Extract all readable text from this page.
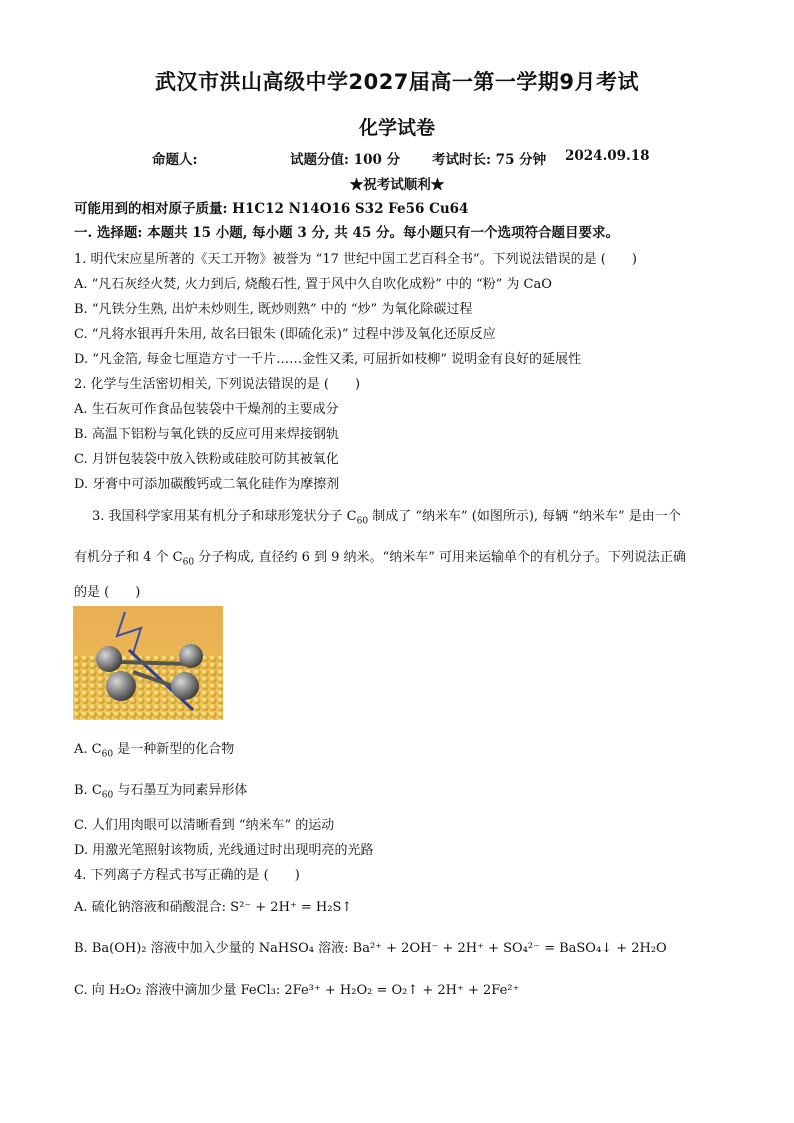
武汉市洪山高级中学2027届高一第一学期9月考试
化学试卷
命题人:	试题分值: 100 分 考试时长: 75 分钟 2024.09.18
★祝考试顺利★
可能用到的相对原子质量: H1C12 N14O16 S32 Fe56 Cu64
一. 选择题: 本题共 15 小题, 每小题 3 分, 共 45 分。每小题只有一个选项符合题目要求。
1. 明代宋应星所著的《天工开物》被誉为 “17 世纪中国工艺百科全书”。下列说法错误的是 (　　)
A. “凡石灰经火焚, 火力到后, 烧酸石性, 置于风中久自吹化成粉” 中的 “粉” 为 CaO
B. “凡铁分生熟, 出炉未炒则生, 既炒则熟” 中的 “炒” 为氧化除碳过程
C. “凡将水银再升朱用, 故名曰银朱 (即硫化汞)” 过程中涉及氧化还原反应
D. “凡金箔, 每金七厘造方寸一千片……金性又柔, 可屈折如枝柳” 说明金有良好的延展性
2. 化学与生活密切相关, 下列说法错误的是 (　　)
A. 生石灰可作食品包装袋中干燥剂的主要成分
B. 高温下铝粉与氧化铁的反应可用来焊接钢轨
C. 月饼包装袋中放入铁粉或硅胶可防其被氧化
D. 牙膏中可添加碳酸钙或二氧化硅作为摩擦剂
3. 我国科学家用某有机分子和球形笼状分子 $C_{60}$ 制成了 “纳米车” (如图所示), 每辆 “纳米车” 是由一个
有机分子和 4 个 $C_{60}$ 分子构成, 直径约 6 到 9 纳米。“纳米车” 可用来运输单个的有机分子。下列说法正确
的是 (　　)
A. $C_{60}$ 是一种新型的化合物
B. $C_{60}$ 与石墨互为同素异形体
C. 人们用肉眼可以清晰看到 “纳米车” 的运动
D. 用激光笔照射该物质, 光线通过时出现明亮的光路
4. 下列离子方程式书写正确的是 (　　)
A. 硫化钠溶液和硝酸混合: S²⁻ + 2H⁺ = H₂S↑
B. Ba(OH)₂ 溶液中加入少量的 NaHSO₄ 溶液: Ba²⁺ + 2OH⁻ + 2H⁺ + SO₄²⁻ = BaSO₄↓ + 2H₂O
C. 向 H₂O₂ 溶液中滴加少量 FeCl₃: 2Fe³⁺ + H₂O₂ = O₂↑ + 2H⁺ + 2Fe²⁺
